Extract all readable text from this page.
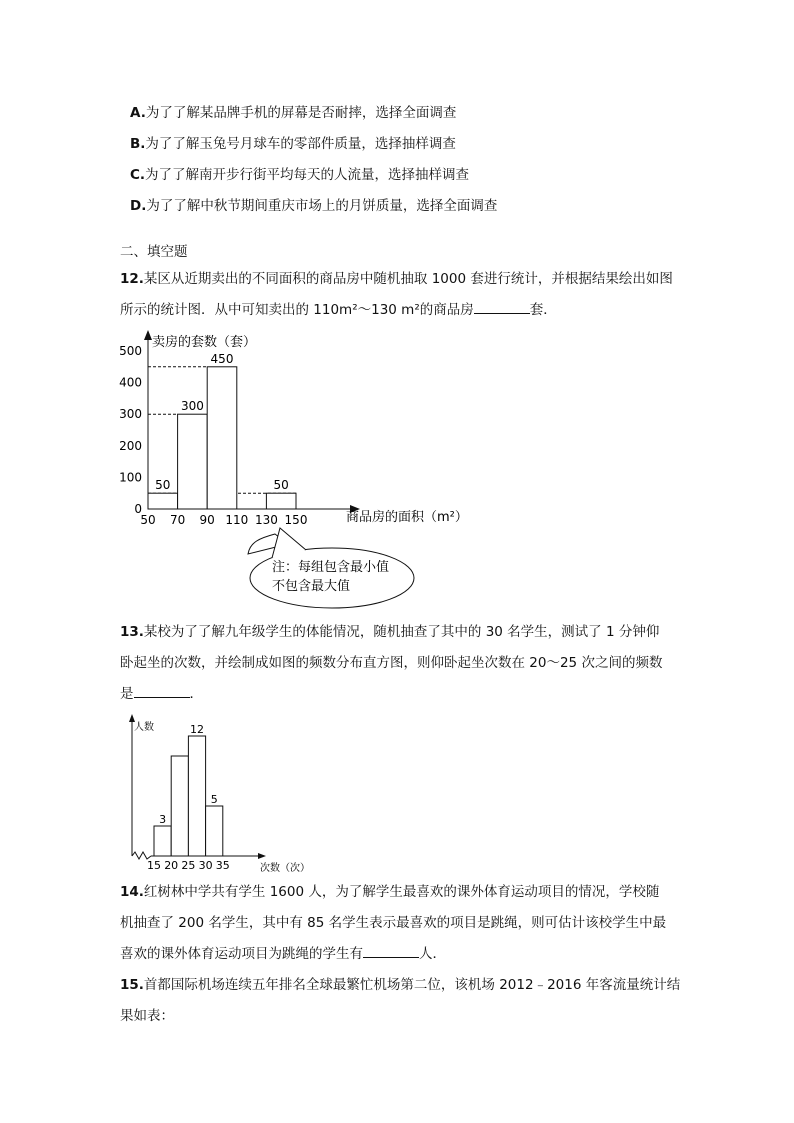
A.为了了解某品牌手机的屏幕是否耐摔，选择全面调查
B.为了了解玉兔号月球车的零部件质量，选择抽样调查
C.为了了解南开步行街平均每天的人流量，选择抽样调查
D.为了了解中秋节期间重庆市场上的月饼质量，选择全面调查
二、填空题
12.某区从近期卖出的不同面积的商品房中随机抽取 1000 套进行统计，并根据结果绘出如图
所示的统计图．从中可知卖出的 110m²～130 m²的商品房	套．
0
100
200
300
400
500
50 70 90 110 130 150
50
300
450
50
卖房的套数（套）
商品房的面积（m²）
注：每组包含最小值
不包含最大值
13.某校为了了解九年级学生的体能情况，随机抽查了其中的 30 名学生，测试了 1 分钟仰
卧起坐的次数，并绘制成如图的频数分布直方图，则仰卧起坐次数在 20～25 次之间的频数
是	．
3
12
5
15 20 25 30 35
人数
次数（次）
14.红树林中学共有学生 1600 人，为了解学生最喜欢的课外体育运动项目的情况，学校随
机抽查了 200 名学生，其中有 85 名学生表示最喜欢的项目是跳绳，则可估计该校学生中最
喜欢的课外体育运动项目为跳绳的学生有	人．
15.首都国际机场连续五年排名全球最繁忙机场第二位，该机场 2012﹣2016 年客流量统计结
果如表：
